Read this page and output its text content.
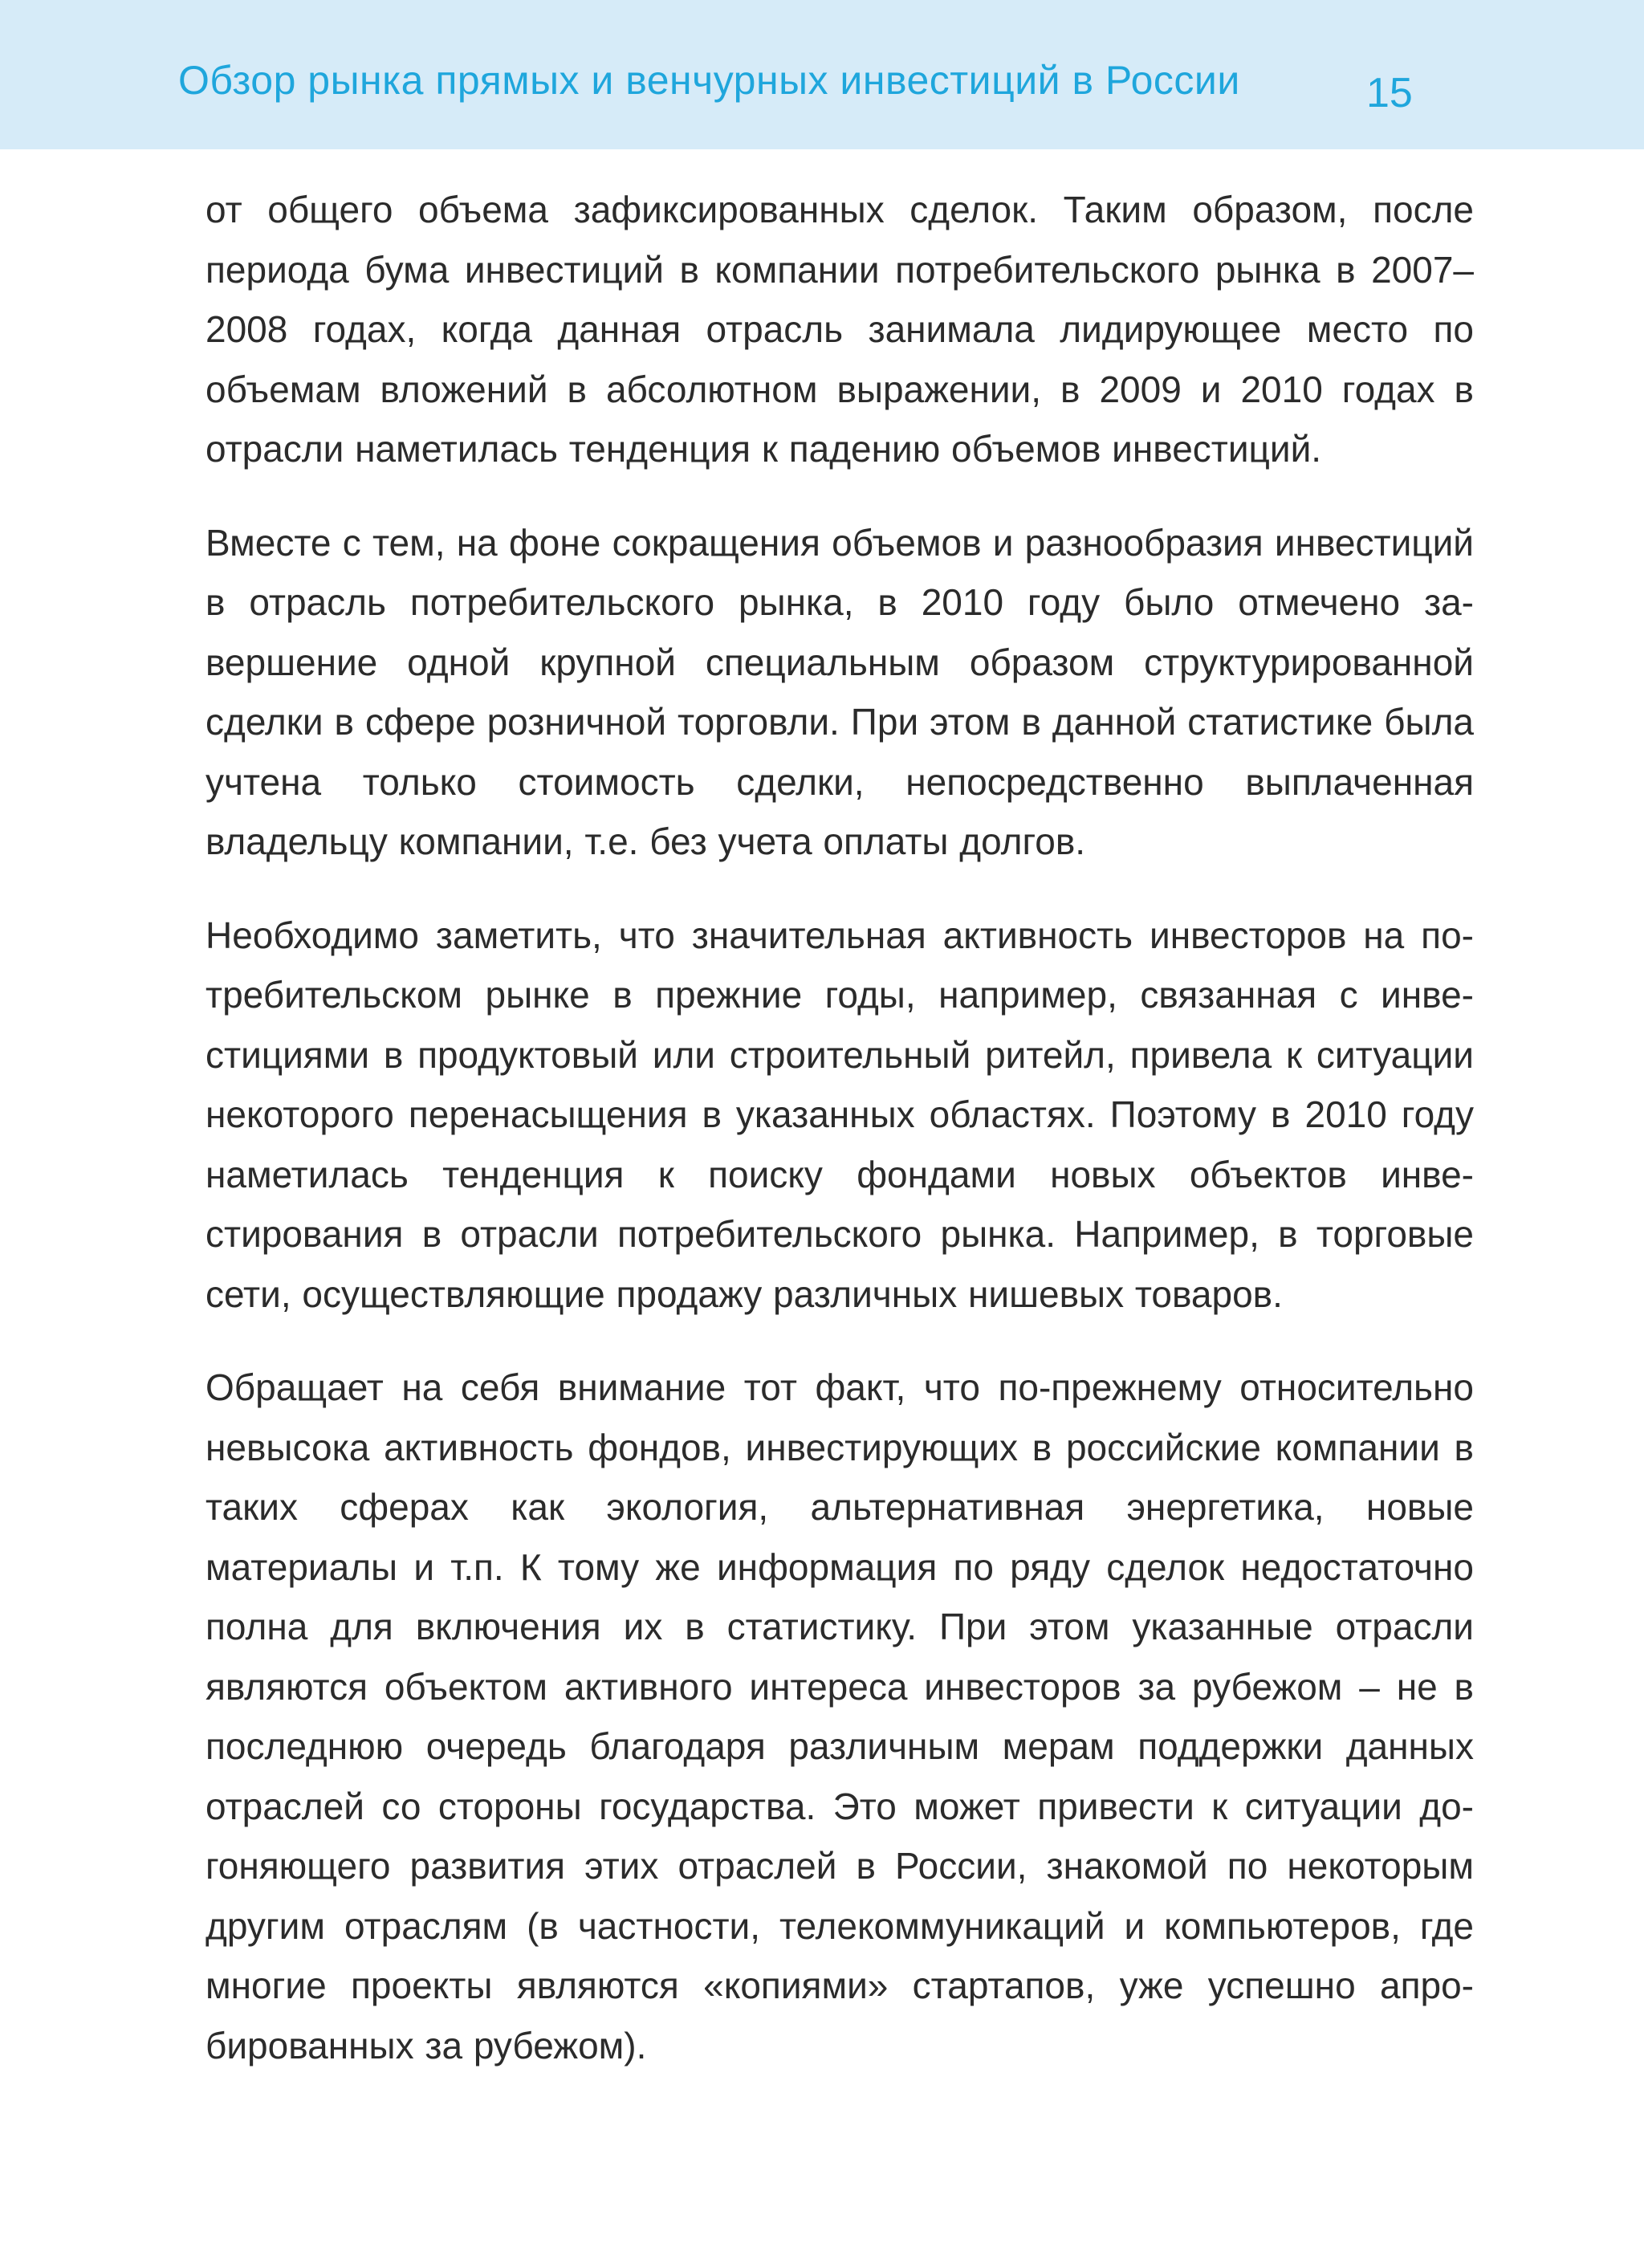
Обзор рынка прямых и венчурных инвестиций в России	15

от общего объема зафиксированных сделок. Таким образом, после периода бума инвестиций в компании потребительского рынка в 2007–2008 годах, когда данная отрасль занимала лидирующее место по объемам вложений в абсолютном выражении, в 2009 и 2010 годах в отрасли наметилась тенденция к падению объемов инвестиций.

Вместе с тем, на фоне сокращения объемов и разнообразия инвестиций в отрасль потребительского рынка, в 2010 году было отмечено завершение одной крупной специальным образом структурированной сделки в сфере розничной торговли. При этом в данной статистике была учтена только стоимость сделки, непосредственно выплаченная владельцу компании, т.е. без учета оплаты долгов.

Необходимо заметить, что значительная активность инвесторов на потребительском рынке в прежние годы, например, связанная с инвестициями в продуктовый или строительный ритейл, привела к ситуации некоторого перенасыщения в указанных областях. Поэтому в 2010 году наметилась тенденция к поиску фондами новых объектов инвестирования в отрасли потребительского рынка. Например, в торговые сети, осуществляющие продажу различных нишевых товаров.

Обращает на себя внимание тот факт, что по-прежнему относительно невысока активность фондов, инвестирующих в российские компании в таких сферах как экология, альтернативная энергетика, новые материалы и т.п. К тому же информация по ряду сделок недостаточно полна для включения их в статистику. При этом указанные отрасли являются объектом активного интереса инвесторов за рубежом – не в последнюю очередь благодаря различным мерам поддержки данных отраслей со стороны государства. Это может привести к ситуации догоняющего развития этих отраслей в России, знакомой по некоторым другим отраслям (в частности, телекоммуникаций и компьютеров, где многие проекты являются «копиями» стартапов, уже успешно апробированных за рубежом).
